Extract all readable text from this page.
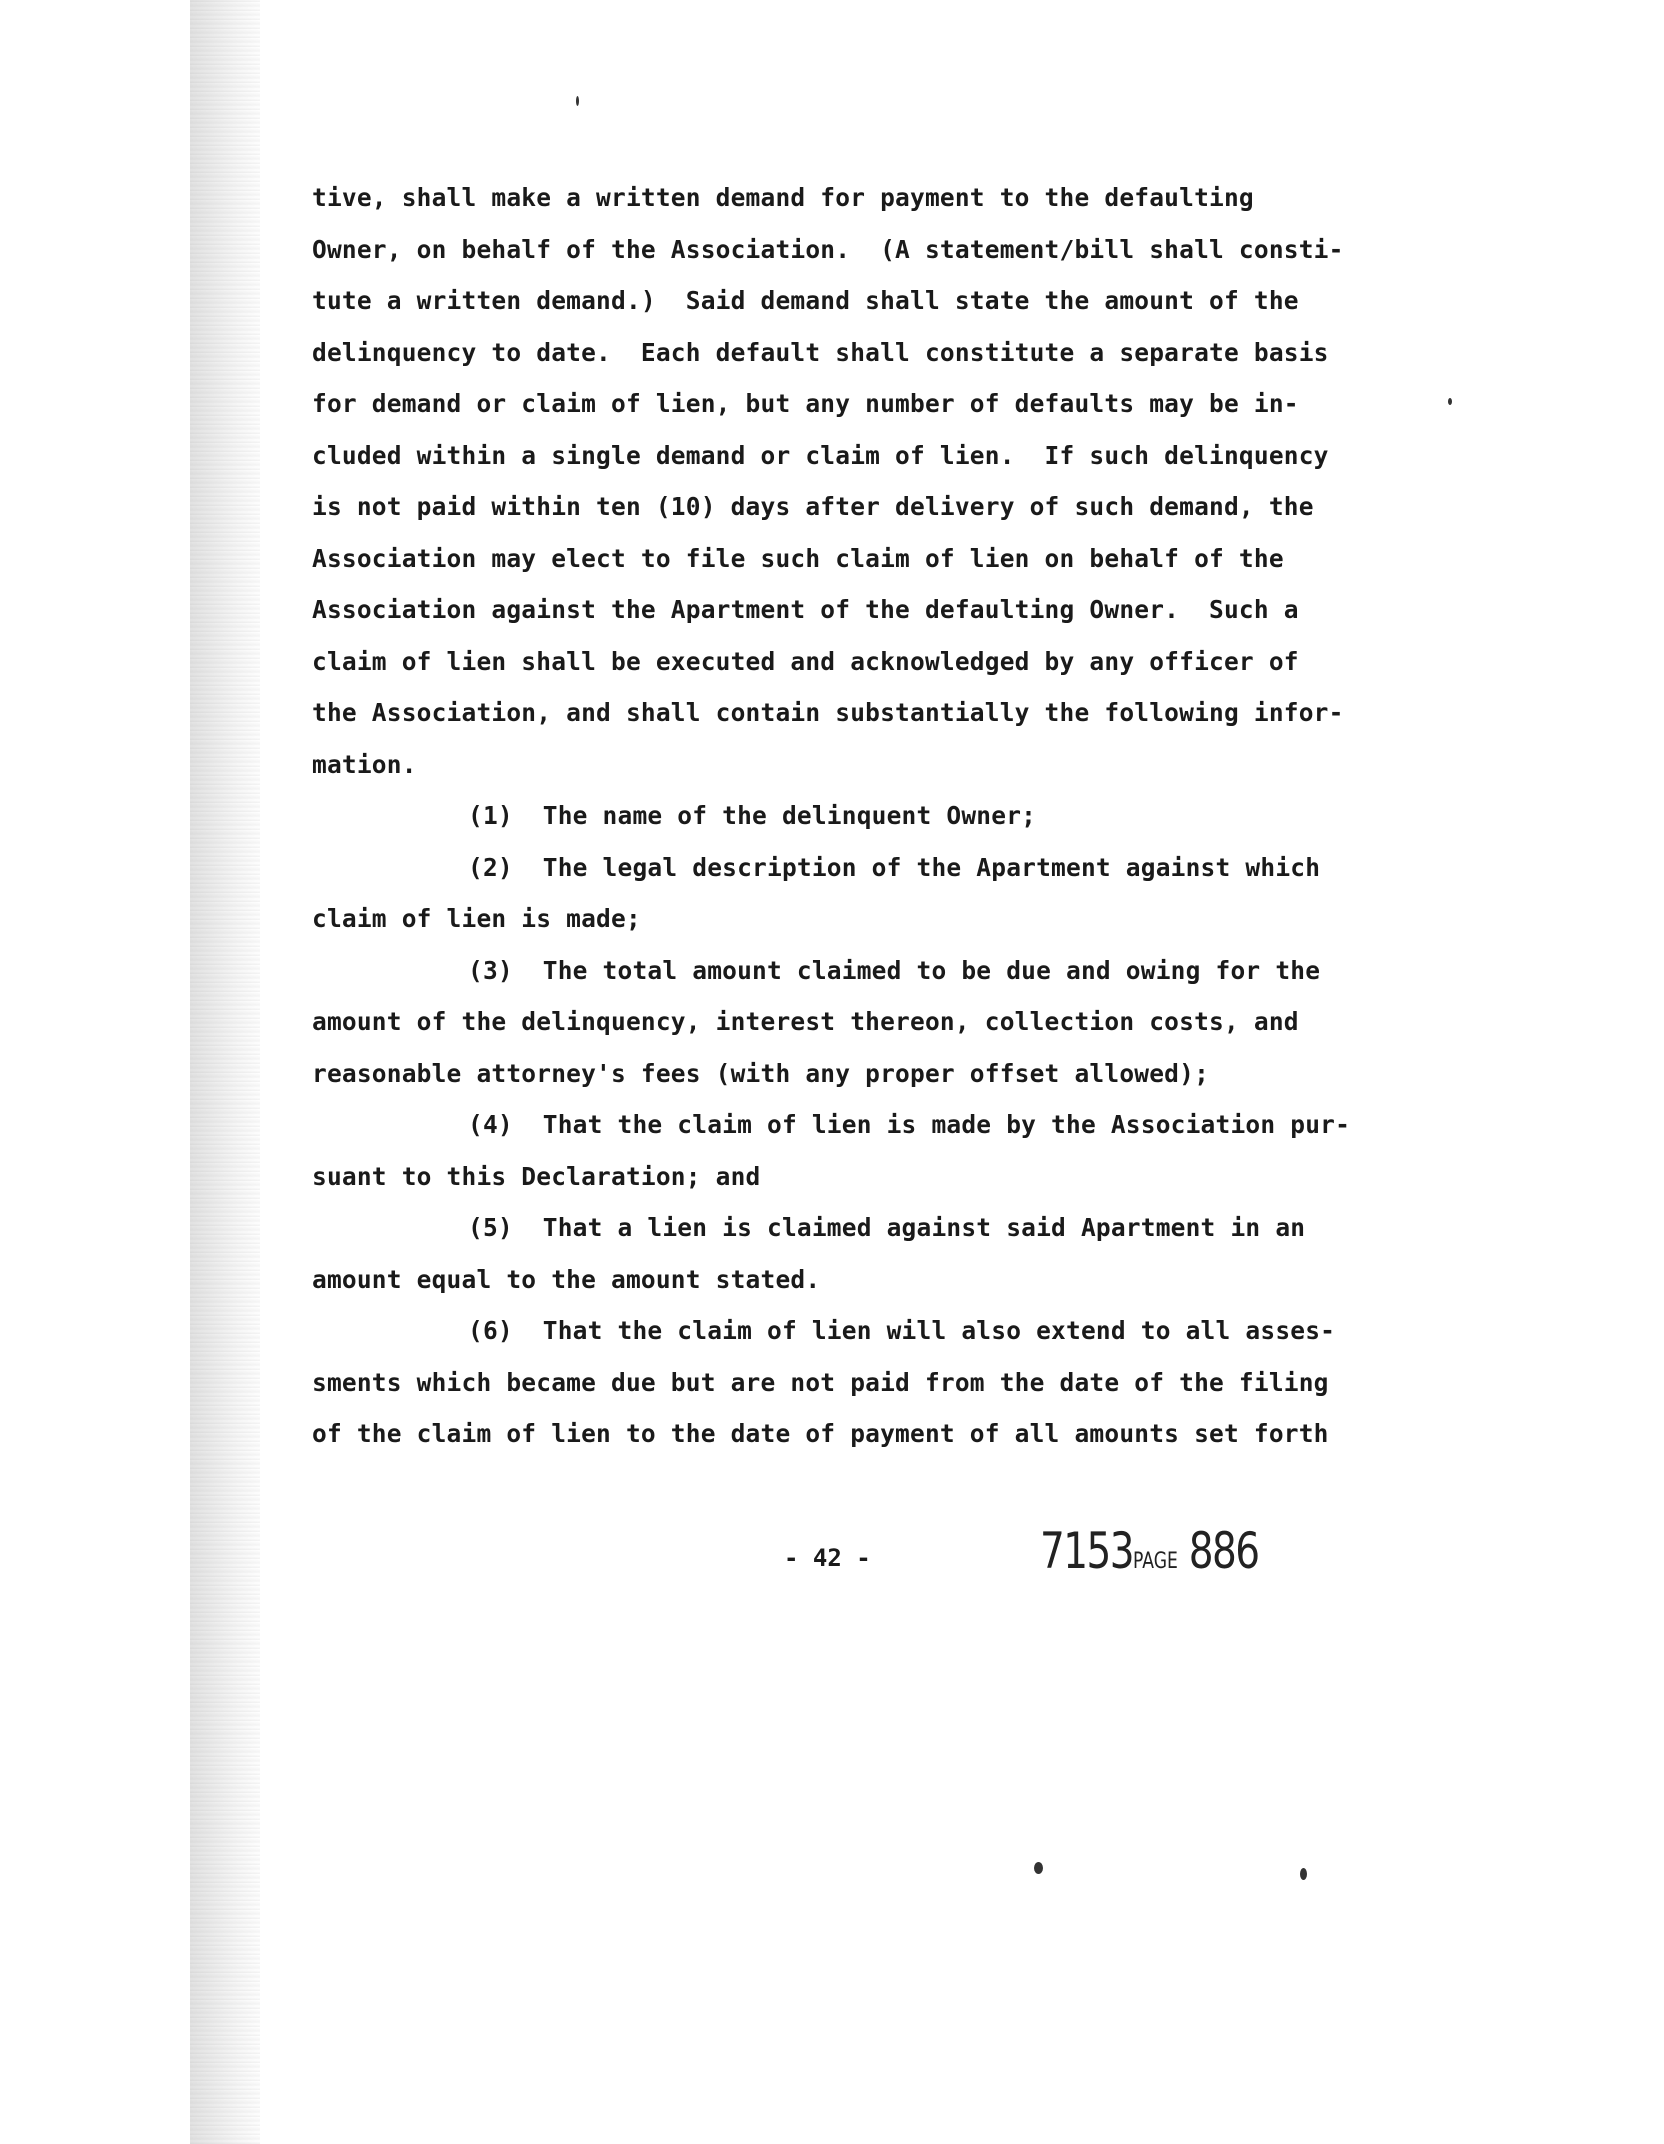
tive, shall make a written demand for payment to the defaulting
Owner, on behalf of the Association.  (A statement/bill shall consti-
tute a written demand.)  Said demand shall state the amount of the
delinquency to date.  Each default shall constitute a separate basis
for demand or claim of lien, but any number of defaults may be in-
cluded within a single demand or claim of lien.  If such delinquency
is not paid within ten (10) days after delivery of such demand, the
Association may elect to file such claim of lien on behalf of the
Association against the Apartment of the defaulting Owner.  Such a
claim of lien shall be executed and acknowledged by any officer of
the Association, and shall contain substantially the following infor-
mation.
(1)  The name of the delinquent Owner;
(2)  The legal description of the Apartment against which
claim of lien is made;
(3)  The total amount claimed to be due and owing for the
amount of the delinquency, interest thereon, collection costs, and
reasonable attorney's fees (with any proper offset allowed);
(4)  That the claim of lien is made by the Association pur-
suant to this Declaration; and
(5)  That a lien is claimed against said Apartment in an
amount equal to the amount stated.
(6)  That the claim of lien will also extend to all asses-
sments which became due but are not paid from the date of the filing
of the claim of lien to the date of payment of all amounts set forth
- 42 -	7153PAGE 886
